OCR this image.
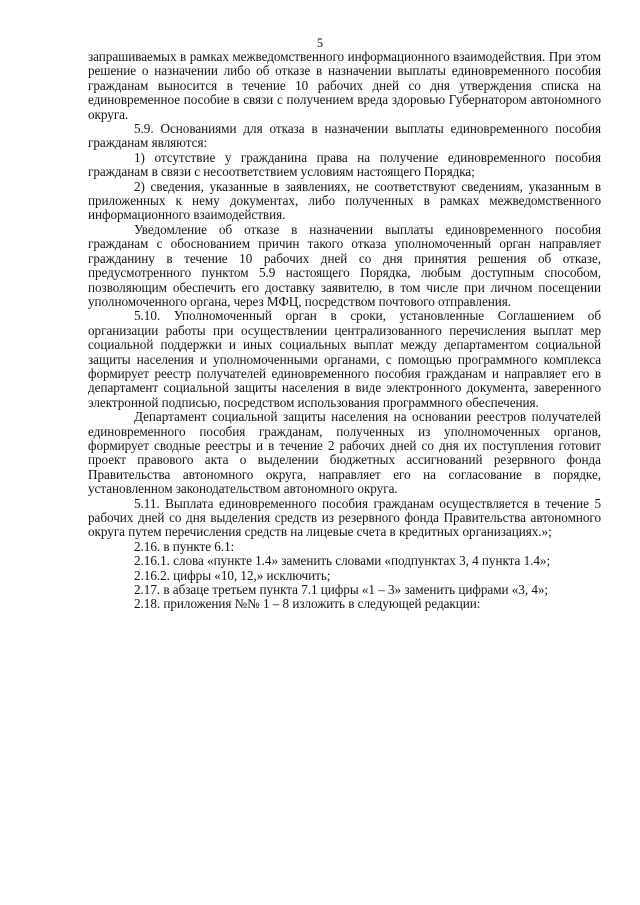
5

запрашиваемых в рамках межведомственного информационного взаимодействия. При этом решение о назначении либо об отказе в назначении выплаты единовременного пособия гражданам выносится в течение 10 рабочих дней со дня утверждения списка на единовременное пособие в связи с получением вреда здоровью Губернатором автономного округа.

5.9. Основаниями для отказа в назначении выплаты единовременного пособия гражданам являются:

1) отсутствие у гражданина права на получение единовременного пособия гражданам в связи с несоответствием условиям настоящего Порядка;

2) сведения, указанные в заявлениях, не соответствуют сведениям, указанным в приложенных к нему документах, либо полученных в рамках межведомственного информационного взаимодействия.

Уведомление об отказе в назначении выплаты единовременного пособия гражданам с обоснованием причин такого отказа уполномоченный орган направляет гражданину в течение 10 рабочих дней со дня принятия решения об отказе, предусмотренного пунктом 5.9 настоящего Порядка, любым доступным способом, позволяющим обеспечить его доставку заявителю, в том числе при личном посещении уполномоченного органа, через МФЦ, посредством почтового отправления.

5.10. Уполномоченный орган в сроки, установленные Соглашением об организации работы при осуществлении централизованного перечисления выплат мер социальной поддержки и иных социальных выплат между департаментом социальной защиты населения и уполномоченными органами, с помощью программного комплекса формирует реестр получателей единовременного пособия гражданам и направляет его в департамент социальной защиты населения в виде электронного документа, заверенного электронной подписью, посредством использования программного обеспечения.

Департамент социальной защиты населения на основании реестров получателей единовременного пособия гражданам, полученных из уполномоченных органов, формирует сводные реестры и в течение 2 рабочих дней со дня их поступления готовит проект правового акта о выделении бюджетных ассигнований резервного фонда Правительства автономного округа, направляет его на согласование в порядке, установленном законодательством автономного округа.

5.11. Выплата единовременного пособия гражданам осуществляется в течение 5 рабочих дней со дня выделения средств из резервного фонда Правительства автономного округа путем перечисления средств на лицевые счета в кредитных организациях.»;

2.16. в пункте 6.1:

2.16.1. слова «пункте 1.4» заменить словами «подпунктах 3, 4 пункта 1.4»;

2.16.2. цифры «10, 12,» исключить;

2.17. в абзаце третьем пункта 7.1 цифры «1 – 3» заменить цифрами «3, 4»;

2.18. приложения №№ 1 – 8 изложить в следующей редакции:
